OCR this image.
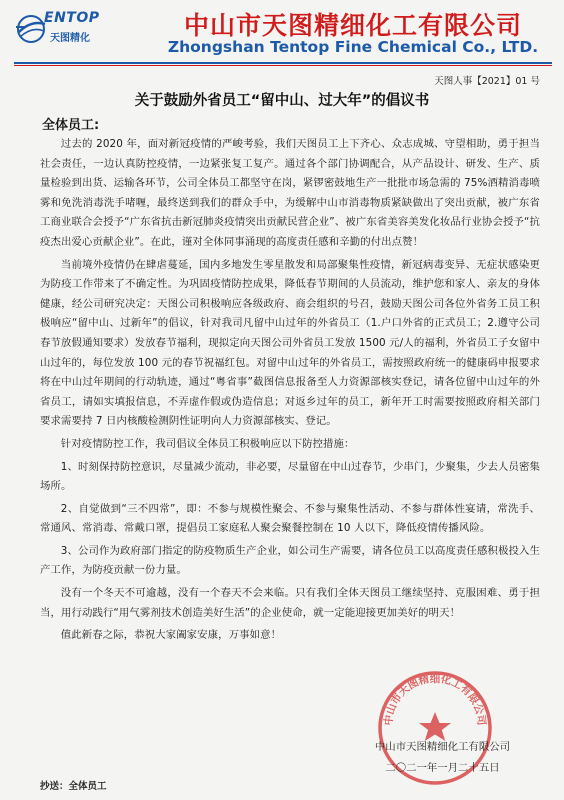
ENTOP
天图精化	中山市天图精细化工有限公司
Zhongshan Tentop Fine Chemical Co., LTD.
天图人事【2021】01 号
关于鼓励外省员工“留中山、过大年”的倡议书
全体员工:

过去的 2020 年，面对新冠疫情的严峻考验，我们天图员工上下齐心、众志成城、守望相助，勇于担当社会责任，一边认真防控疫情，一边紧张复工复产。通过各个部门协调配合，从产品设计、研发、生产、质量检验到出货、运输各环节，公司全体员工都坚守在岗，紧锣密鼓地生产一批批市场急需的 75%酒精消毒喷雾和免洗消毒洗手啫喱，最终送到我们的群众手中，为缓解中山市消毒物质紧缺做出了突出贡献，被广东省工商业联合会授予“广东省抗击新冠肺炎疫情突出贡献民营企业”、被广东省美容美发化妆品行业协会授予“抗疫杰出爱心贡献企业”。在此，谨对全体同事涌现的高度责任感和辛勤的付出点赞！

当前境外疫情仍在肆虐蔓延，国内多地发生零星散发和局部聚集性疫情，新冠病毒变异、无症状感染更为防疫工作带来了不确定性。为巩固疫情防控成果，降低春节期间的人员流动，维护您和家人、亲友的身体健康，经公司研究决定：天图公司积极响应各级政府、商会组织的号召，鼓励天图公司各位外省务工员工积极响应“留中山、过新年”的倡议，针对我司凡留中山过年的外省员工（1.户口外省的正式员工；2.遵守公司春节放假通知要求）发放春节福利，现拟定向天图公司外省员工发放 1500 元/人的福利，外省员工子女留中山过年的，每位发放 100 元的春节祝福红包。对留中山过年的外省员工，需按照政府统一的健康码申报要求将在中山过年期间的行动轨迹，通过“粤省事”截图信息报备至人力资源部核实登记，请各位留中山过年的外省员工，请如实填报信息，不弄虚作假或伪造信息；对返乡过年的员工，新年开工时需要按照政府相关部门要求需要持 7 日内核酸检测阴性证明向人力资源部核实、登记。

针对疫情防控工作，我司倡议全体员工积极响应以下防控措施：

1、时刻保持防控意识，尽量减少流动，非必要，尽量留在中山过春节，少串门，少聚集，少去人员密集场所。

2、自觉做到“三不四常”，即：不参与规模性聚会、不参与聚集性活动、不参与群体性宴请，常洗手、常通风、常消毒、常戴口罩，提倡员工家庭私人聚会聚餐控制在 10 人以下，降低疫情传播风险。

3、公司作为政府部门指定的防疫物质生产企业，如公司生产需要，请各位员工以高度责任感积极投入生产工作，为防疫贡献一份力量。

没有一个冬天不可逾越，没有一个春天不会来临。只有我们全体天图员工继续坚持、克服困难、勇于担当，用行动践行“用气雾剂技术创造美好生活”的企业使命，就一定能迎接更加美好的明天！

值此新春之际，恭祝大家阖家安康，万事如意！

中山市天图精细化工有限公司
中山市天图精细化工有限公司
二〇二一年一月二十五日
抄送：全体员工
